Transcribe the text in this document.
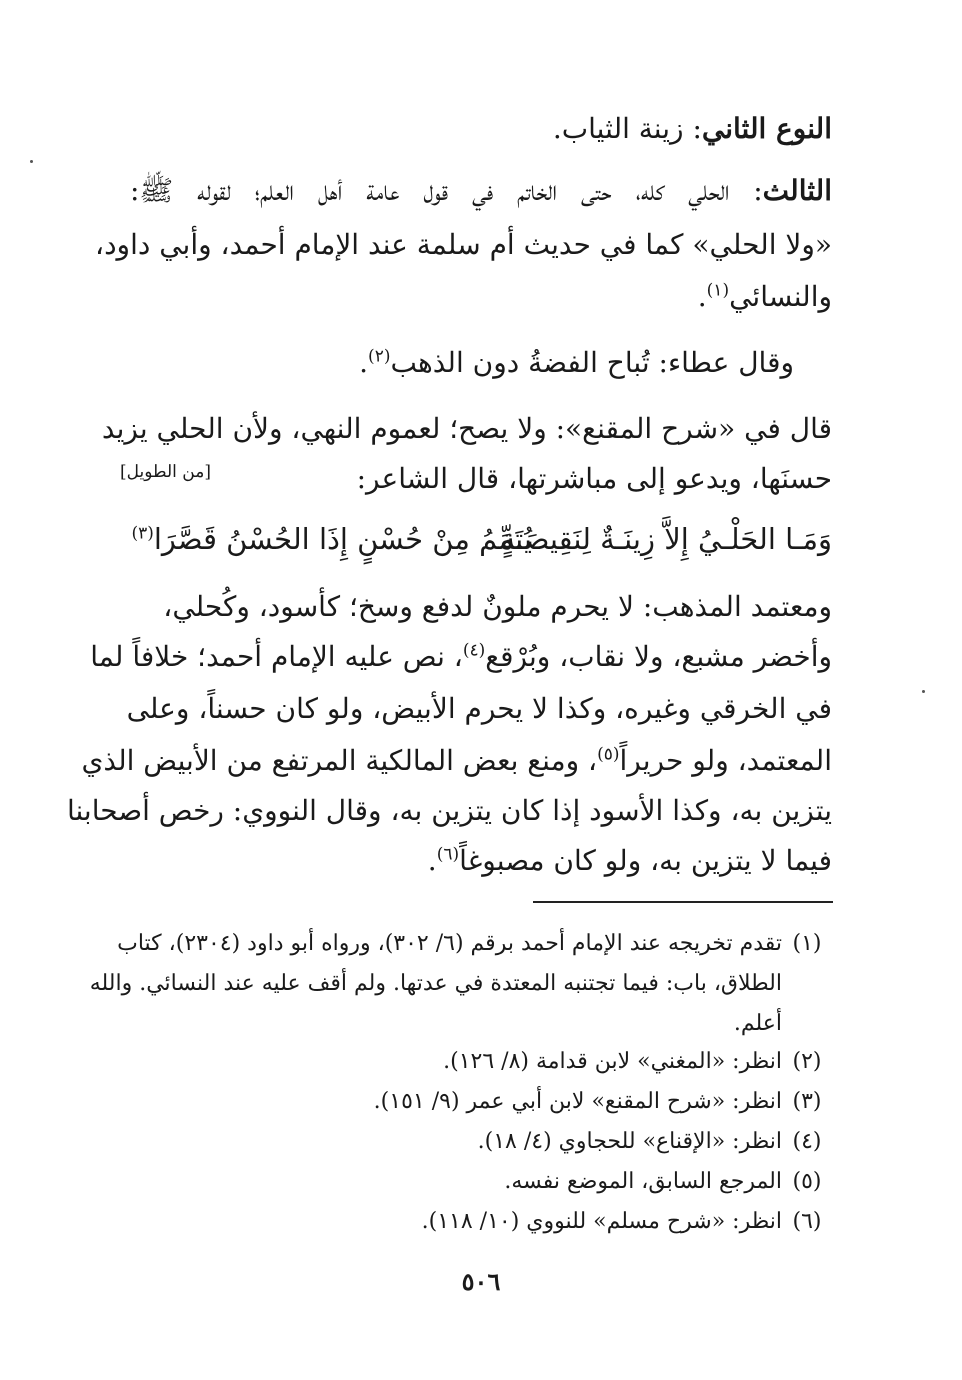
النوع الثاني: زينة الثياب.
الثالث: الحلي كله، حتى الخاتم في قول عامة أهل العلم؛ لقوله ﷺ:
«ولا الحلي» كما في حديث أم سلمة عند الإمام أحمد، وأبي داود،
والنسائي$^{(١)}$.
وقال عطاء: تُباح الفضةُ دون الذهب$^{(٢)}$.
قال في «شرح المقنع»: ولا يصح؛ لعموم النهي، ولأن الحلي يزيد
حسنَها، ويدعو إلى مباشرتها، قال الشاعر:
[من الطويل]
وَمَـا الحَلْـيُ إِلاَّ زِينَـةٌ لِنَقِيصَـةٍ
يُتَمِّمُ مِنْ حُسْنٍ إِذَا الحُسْنُ قَصَّرَا$^{(٣)}$
ومعتمد المذهب: لا يحرم ملونٌ لدفع وسخ؛ كأسود، وكُحلي،
وأخضر مشبع، ولا نقاب، وبُرْقع$^{(٤)}$، نص عليه الإمام أحمد؛ خلافاً لما
في الخرقي وغيره، وكذا لا يحرم الأبيض، ولو كان حسناً، وعلى
المعتمد، ولو حريراً$^{(٥)}$، ومنع بعض المالكية المرتفع من الأبيض الذي
يتزين به، وكذا الأسود إذا كان يتزين به، وقال النووي: رخص أصحابنا
فيما لا يتزين به، ولو كان مصبوغاً$^{(٦)}$.
(١)
تقدم تخريجه عند الإمام أحمد برقم (٦/ ٣٠٢)، ورواه أبو داود (٢٣٠٤)، كتاب
الطلاق، باب: فيما تجتنبه المعتدة في عدتها. ولم أقف عليه عند النسائي. والله
أعلم.
(٢)
انظر: «المغني» لابن قدامة (٨/ ١٢٦).
(٣)
انظر: «شرح المقنع» لابن أبي عمر (٩/ ١٥١).
(٤)
انظر: «الإقناع» للحجاوي (٤/ ١٨).
(٥)
المرجع السابق، الموضع نفسه.
(٦)
انظر: «شرح مسلم» للنووي (١٠/ ١١٨).
٥٠٦
